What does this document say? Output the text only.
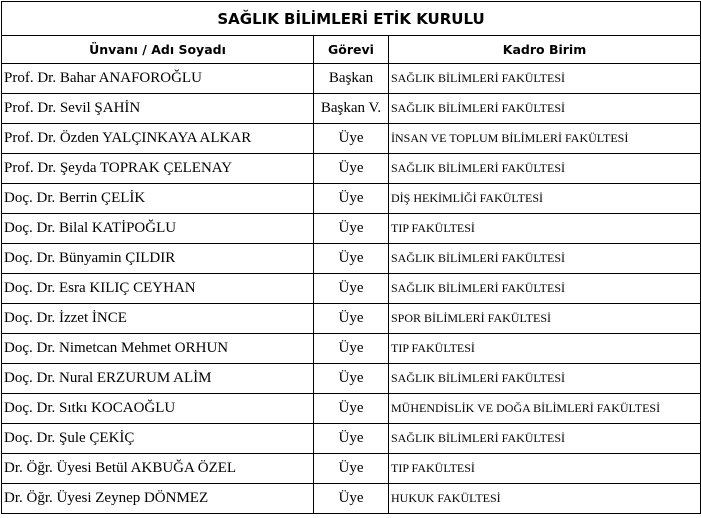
SAĞLIK BİLİMLERİ ETİK KURULU		
Ünvanı / Adı Soyadı	Görevi	Kadro Birim
Prof. Dr. Bahar ANAFOROĞLU	Başkan	SAĞLIK BİLİMLERİ FAKÜLTESİ
Prof. Dr. Sevil ŞAHİN	Başkan V.	SAĞLIK BİLİMLERİ FAKÜLTESİ
Prof. Dr. Özden YALÇINKAYA ALKAR	Üye	İNSAN VE TOPLUM BİLİMLERİ FAKÜLTESİ
Prof. Dr. Şeyda TOPRAK ÇELENAY	Üye	SAĞLIK BİLİMLERİ FAKÜLTESİ
Doç. Dr. Berrin ÇELİK	Üye	DİŞ HEKİMLİĞİ FAKÜLTESİ
Doç. Dr. Bilal KATİPOĞLU	Üye	TIP FAKÜLTESİ
Doç. Dr. Bünyamin ÇILDIR	Üye	SAĞLIK BİLİMLERİ FAKÜLTESİ
Doç. Dr. Esra KILIÇ CEYHAN	Üye	SAĞLIK BİLİMLERİ FAKÜLTESİ
Doç. Dr. İzzet İNCE	Üye	SPOR BİLİMLERİ FAKÜLTESİ
Doç. Dr. Nimetcan Mehmet ORHUN	Üye	TIP FAKÜLTESİ
Doç. Dr. Nural ERZURUM ALİM	Üye	SAĞLIK BİLİMLERİ FAKÜLTESİ
Doç. Dr. Sıtkı KOCAOĞLU	Üye	MÜHENDİSLİK VE DOĞA BİLİMLERİ FAKÜLTESİ
Doç. Dr. Şule ÇEKİÇ	Üye	SAĞLIK BİLİMLERİ FAKÜLTESİ
Dr. Öğr. Üyesi Betül AKBUĞA ÖZEL	Üye	TIP FAKÜLTESİ
Dr. Öğr. Üyesi Zeynep DÖNMEZ	Üye	HUKUK FAKÜLTESİ
